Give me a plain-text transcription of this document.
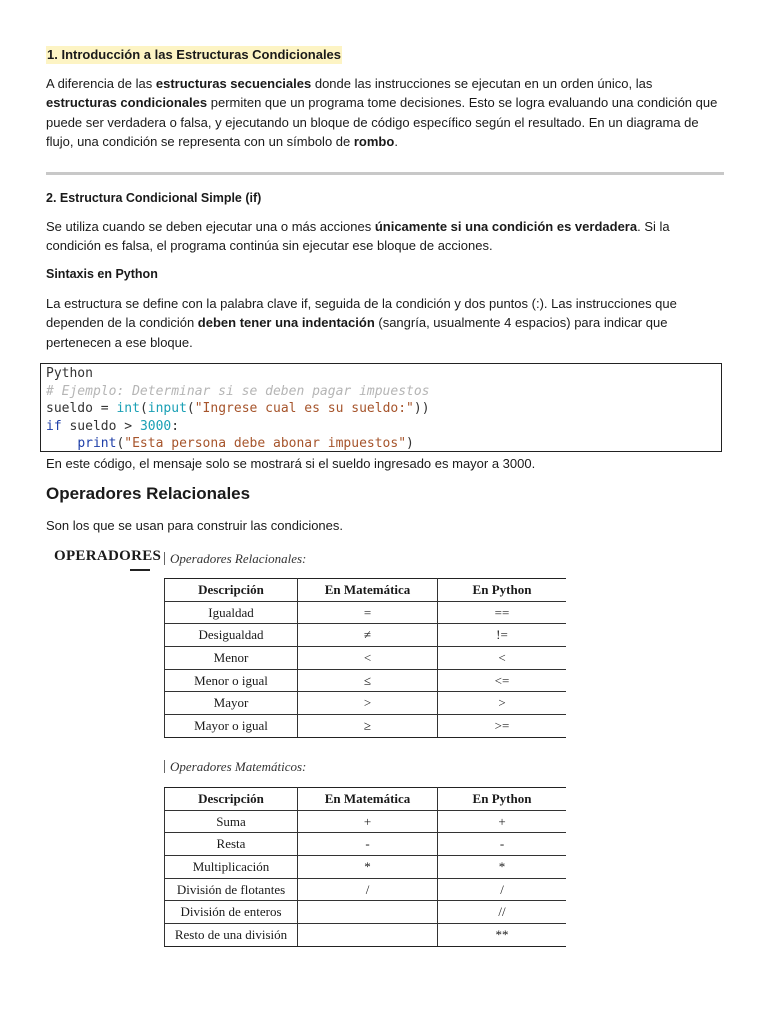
1. Introducción a las Estructuras Condicionales

A diferencia de las estructuras secuenciales donde las instrucciones se ejecutan en un orden único, las estructuras condicionales permiten que un programa tome decisiones. Esto se logra evaluando una condición que puede ser verdadera o falsa, y ejecutando un bloque de código específico según el resultado. En un diagrama de flujo, una condición se representa con un símbolo de rombo.

2. Estructura Condicional Simple (if)

Se utiliza cuando se deben ejecutar una o más acciones únicamente si una condición es verdadera. Si la condición es falsa, el programa continúa sin ejecutar ese bloque de acciones.

Sintaxis en Python

La estructura se define con la palabra clave if, seguida de la condición y dos puntos (:). Las instrucciones que dependen de la condición deben tener una indentación (sangría, usualmente 4 espacios) para indicar que pertenecen a ese bloque.

Python
# Ejemplo: Determinar si se deben pagar impuestos
sueldo = int(input("Ingrese cual es su sueldo:"))
if sueldo > 3000:
print("Esta persona debe abonar impuestos")

En este código, el mensaje solo se mostrará si el sueldo ingresado es mayor a 3000.

Operadores Relacionales

Son los que se usan para construir las condiciones.

OPERADORES Operadores Relacionales:
Descripción	En Matemática	En Python
Igualdad	=	==
Desigualdad	≠	!=
Menor	<	<
Menor o igual	≤	<=
Mayor	>	>
Mayor o igual	≥	>=
Operadores Matemáticos:
Descripción	En Matemática	En Python
Suma	+	+
Resta	-	-
Multiplicación	*	*
División de flotantes	/	/
División de enteros		//
Resto de una división		**
